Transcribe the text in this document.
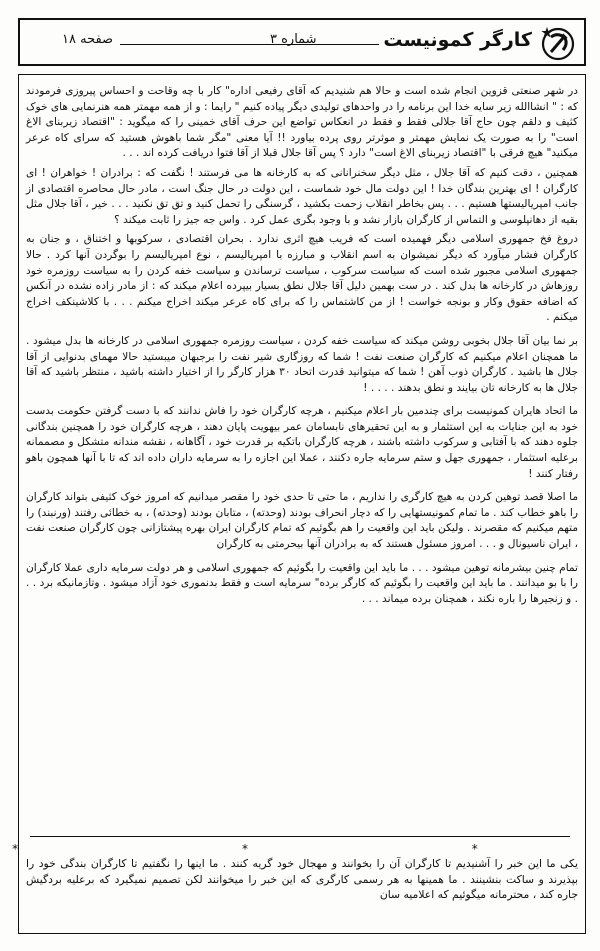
کارگر کمونیست
شماره ۳
صفحه ۱۸

در شهر صنعتی قزوین انجام شده است و حالا هم شنیدیم که آقای رفیعی اداره" کار با چه وقاحت و احساس پیروزی فرمودند که : " انشاالله زیر سایه خدا این برنامه را در واحدهای تولیدی دیگر پیاده کنیم " رایما : و از همه مهمتر همه هنرنمایی های خوک کثیف و دلقم چون حاج آقا جلالی فقط و فقط در انعکاس تواضع این حرف آقای خمینی را که میگوید : "اقتصاد زیربنای الاغ است" را به صورت یک نمایش مهمتر و موثرتر روی پرده بیاورد !! آیا معنی "مگر شما باهوش هستید که سرای کاه عرعر میکنید" هیچ فرقی با "اقتصاد زیربنای الاغ است" دارد ؟ پس آقا جلال قبلا از آقا فتوا دریافت کرده اند . . .

همچنین ، دقت کنیم که آقا جلال ، مثل دیگر سخنرانانی که به کارخانه ها می فرستند ! نگفت که : برادران ! خواهران ! ای کارگران ! ای بهترین بندگان خدا ! این دولت مال خود شماست ، این دولت در حال جنگ است ، مادر حال محاصره اقتصادی از جانب امپریالیستها هستیم . . . پس بخاطر انقلاب زحمت بکشید ، گرسنگی را تحمل کنید و تق تق نکنید . . . خیر ، آقا جلال مثل بقیه از دهانپلوسی و التماس از کارگران بازار نشد و با وجود بگری عمل کرد . واس جه جیز را ثابت میکند ؟

دروغ فخ جمهوری اسلامی دیگر فهمیده است که فریب هیچ اثری ندارد . بحران اقتصادی ، سرکوبها و اختناق ، و جنان به کارگران فشار میآورد که دیگر نمیشوان به اسم انقلاب و مبارزه با امپریالیسم ، نوع امپریالیسم را بوگردن آنها کرد . حالا جمهوری اسلامی مجبور شده است که سیاست سرکوب ، سیاست ترساندن و سیاست خفه کردن را به سیاست روزمره خود روزهاش در کارخانه ها بدل کند . در ست بهمین دلیل آقا جلال نطق بسیار بیپرده اعلام میکند که : از مادر زاده نشده در آنکس که اضافه حقوق وکار و بونجه خواست ! از من کاشتماس را که برای کاه عرعر میکند اخراج میکنم . . . با کلاشینکف اخراج میکنم .

بر نما بیان آقا جلال بخوبی روشن میکند که سیاست خفه کردن ، سیاست روزمره جمهوری اسلامی در کارخانه ها بدل میشود . ما همچنان اعلام میکنیم که کارگران صنعت نفت ! شما که روزگاری شیر نفت را برجبهان میبستید حالا مهمای بدنوایی از آقا جلال ها باشید . کارگران ذوب آهن ! شما که میتوانید قدرت اتحاد ۳۰ هزار کارگر را از اختیار داشته باشید ، منتظر باشید که آقا جلال ها به کارخانه تان بیایند و نطق بدهند . . . . !

ما اتحاد هایران کمونیست برای چندمین بار اعلام میکنیم ، هرچه کارگران خود را فاش ندانند که با دست گرفتن حکومت بدست خود به این جنایات به این استثمار و به این تحقیرهای نابسامان عمر بیهویت پایان دهند ، هرچه کارگران خود را همچنین بندگانی جلوه دهند که با آفتابی و سرکوب داشته باشند ، هرچه کارگران باتکیه بر قدرت خود ، آگاهانه ، نقشه مندانه متشکل و مصممانه برعلیه استثمار ، جمهوری جهل و ستم سرمایه جاره دکنند ، عملا این اجازه را به سرمایه داران داده اند که تا با آنها همچون باهو رفتار کنند !

ما اصلا قصد توهین کردن به هیچ کارگری را نداریم ، ما حتی تا حدی خود را مقصر میدانیم که امروز خوک کثیفی بتواند کارگران را باهو خطاب کند . ما تمام کمونیستهایی را که دچار انحراف بودند (وحدته) ، متابان بودند (وحدته) ، به خطائی رفتند (ورنبند) را متهم میکنیم که مقصرند . ولیکن باید این واقعیت را هم بگوئیم که تمام کارگران ایران بهره پیشتازانی چون کارگران صنعت نفت ، ایران ناسیونال و . . . امروز مسئول هستند که به برادران آنها بیحرمتی به کارگران

تمام چنین بیشرمانه توهین میشود . . . ما باید این واقعیت را بگوئیم که جمهوری اسلامی و هر دولت سرمایه داری عملا کارگران را با بو میدانند . ما باید این واقعیت را بگوئیم که کارگر برده" سرمایه است و فقط بدنموری خود آزاد میشود . وتازمانیکه برد . . . و زنجیرها را باره نکند ، همچنان برده میماند . . .

* * *
یکی ما این خبر را آشنیدیم تا کارگران آن را بخوانند و مهجال خود گریه کنند . ما اینها را نگفتیم تا کارگران بندگی خود را بپذیرند و ساکت بنشینند . ما همینها به هر رسمی کارگری که این خبر را میخوانند لکن تصمیم نمیگیرد که برعلیه بردگیش جاره کند ، محترمانه میگوئیم که اعلامیه سان
